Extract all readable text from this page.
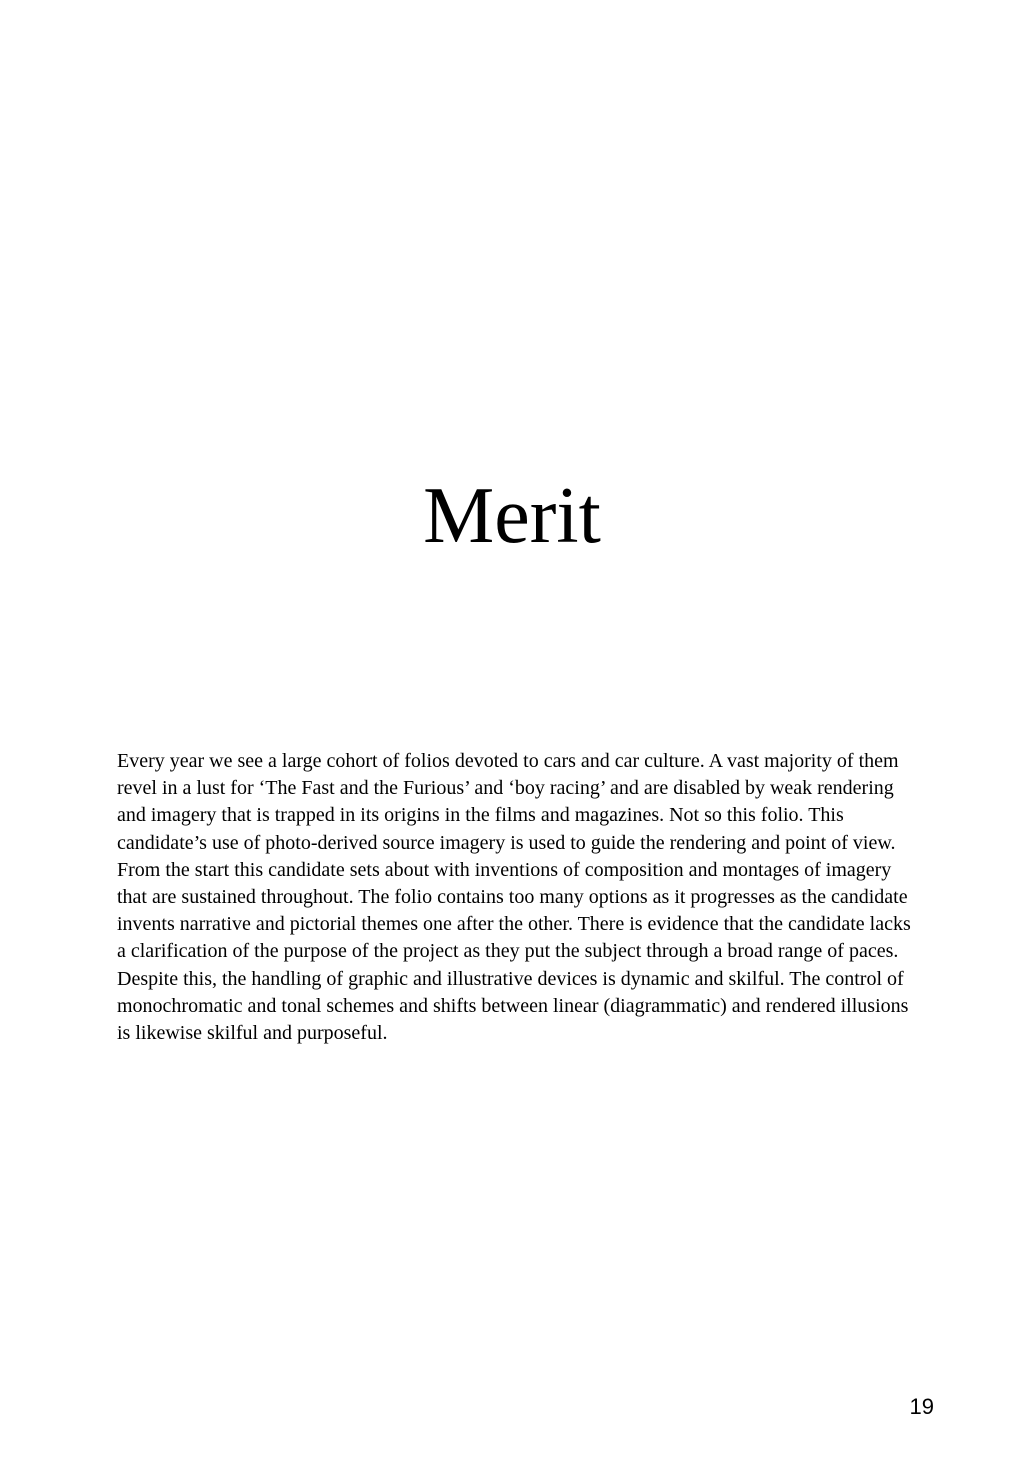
Merit

Every year we see a large cohort of folios devoted to cars and car culture. A vast majority of them revel in a lust for ‘The Fast and the Furious’ and ‘boy racing’ and are disabled by weak rendering and imagery that is trapped in its origins in the films and magazines. Not so this folio. This candidate’s use of photo-derived source imagery is used to guide the rendering and point of view. From the start this candidate sets about with inventions of composition and montages of imagery that are sustained throughout. The folio contains too many options as it progresses as the candidate invents narrative and pictorial themes one after the other. There is evidence that the candidate lacks a clarification of the purpose of the project as they put the subject through a broad range of paces. Despite this, the handling of graphic and illustrative devices is dynamic and skilful. The control of monochromatic and tonal schemes and shifts between linear (diagrammatic) and rendered illusions is likewise skilful and purposeful.

19
